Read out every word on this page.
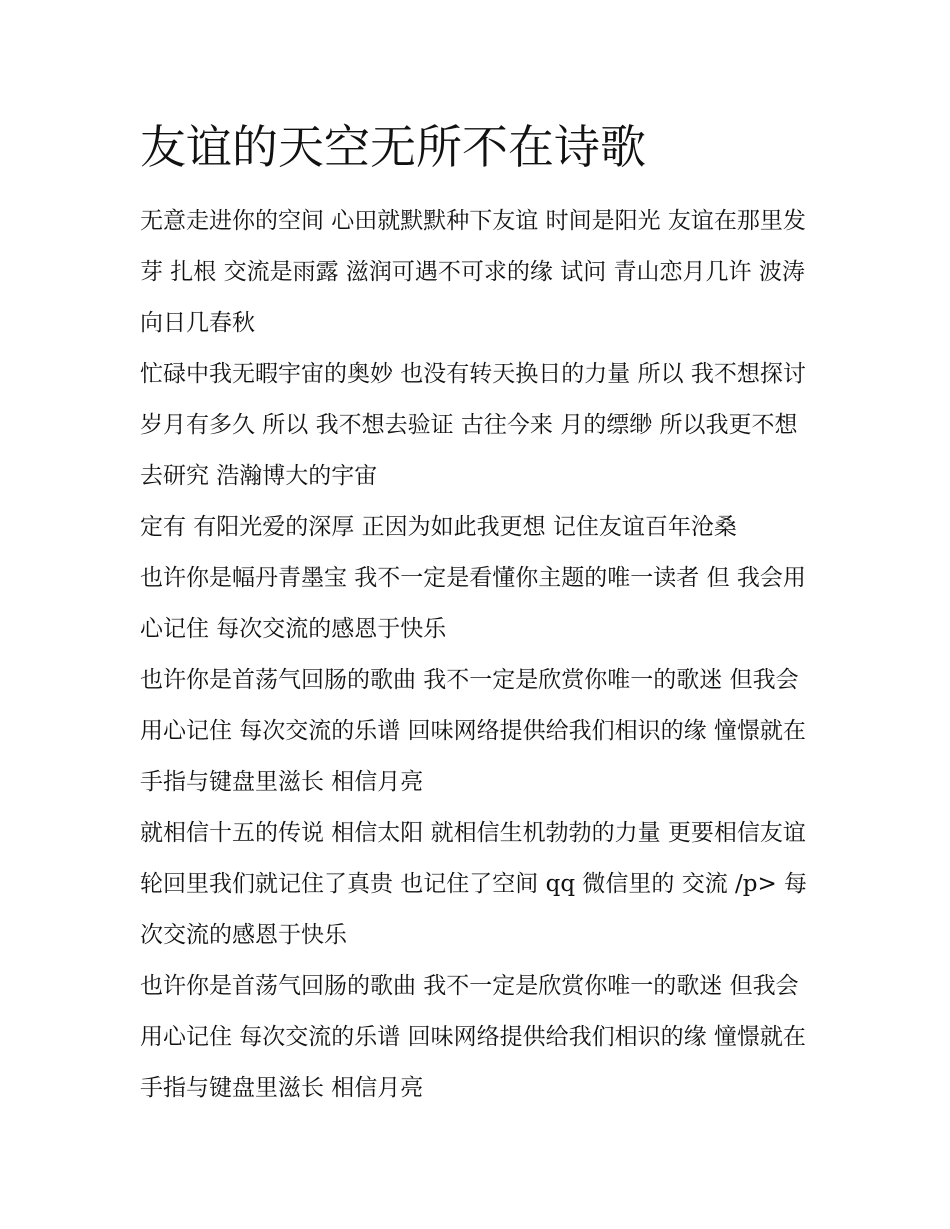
友谊的天空无所不在诗歌

无意走进你的空间 心田就默默种下友谊 时间是阳光 友谊在那里发芽 扎根 交流是雨露 滋润可遇不可求的缘 试问 青山恋月几许 波涛向日几春秋

忙碌中我无暇宇宙的奥妙 也没有转天换日的力量 所以 我不想探讨 岁月有多久 所以 我不想去验证 古往今来 月的缥缈 所以我更不想去研究 浩瀚博大的宇宙

定有 有阳光爱的深厚 正因为如此我更想 记住友谊百年沧桑

也许你是幅丹青墨宝 我不一定是看懂你主题的唯一读者 但 我会用心记住 每次交流的感恩于快乐

也许你是首荡气回肠的歌曲 我不一定是欣赏你唯一的歌迷 但我会用心记住 每次交流的乐谱 回味网络提供给我们相识的缘 憧憬就在手指与键盘里滋长 相信月亮

就相信十五的传说 相信太阳 就相信生机勃勃的力量 更要相信友谊 轮回里我们就记住了真贵 也记住了空间 qq 微信里的 交流 /p> 每次交流的感恩于快乐

也许你是首荡气回肠的歌曲 我不一定是欣赏你唯一的歌迷 但我会用心记住 每次交流的乐谱 回味网络提供给我们相识的缘 憧憬就在手指与键盘里滋长 相信月亮
